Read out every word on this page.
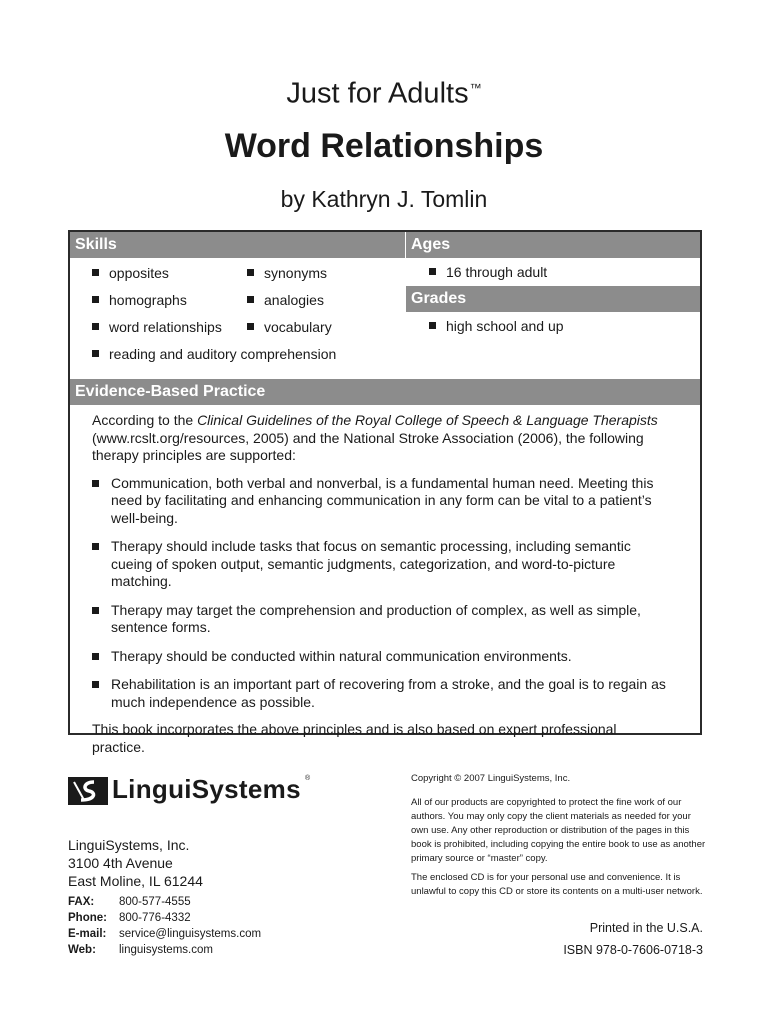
Just for Adults™
Word Relationships
by Kathryn J. Tomlin
Skills	Ages
opposites
homographs
word relationships
synonyms
analogies
vocabulary
reading and auditory comprehension
16 through adult
Grades
high school and up
Evidence-Based Practice

According to the Clinical Guidelines of the Royal College of Speech & Language Therapists (www.rcslt.org/resources, 2005) and the National Stroke Association (2006), the following therapy principles are supported:

Communication, both verbal and nonverbal, is a fundamental human need. Meeting this need by facilitating and enhancing communication in any form can be vital to a patient’s well-being.
Therapy should include tasks that focus on semantic processing, including semantic cueing of spoken output, semantic judgments, categorization, and word-to-picture matching.
Therapy may target the comprehension and production of complex, as well as simple, sentence forms.
Therapy should be conducted within natural communication environments.
Rehabilitation is an important part of recovering from a stroke, and the goal is to regain as much independence as possible.

This book incorporates the above principles and is also based on expert professional practice.

LinguiSystems ®
LinguiSystems, Inc.
3100 4th Avenue
East Moline, IL 61244
FAX: 800-577-4555
Phone: 800-776-4332
E-mail: service@linguisystems.com
Web: linguisystems.com

Copyright © 2007 LinguiSystems, Inc.

All of our products are copyrighted to protect the fine work of our authors. You may only copy the client materials as needed for your own use. Any other reproduction or distribution of the pages in this book is prohibited, including copying the entire book to use as another primary source or “master” copy.

The enclosed CD is for your personal use and convenience. It is unlawful to copy this CD or store its contents on a multi-user network.

Printed in the U.S.A.
ISBN 978-0-7606-0718-3
